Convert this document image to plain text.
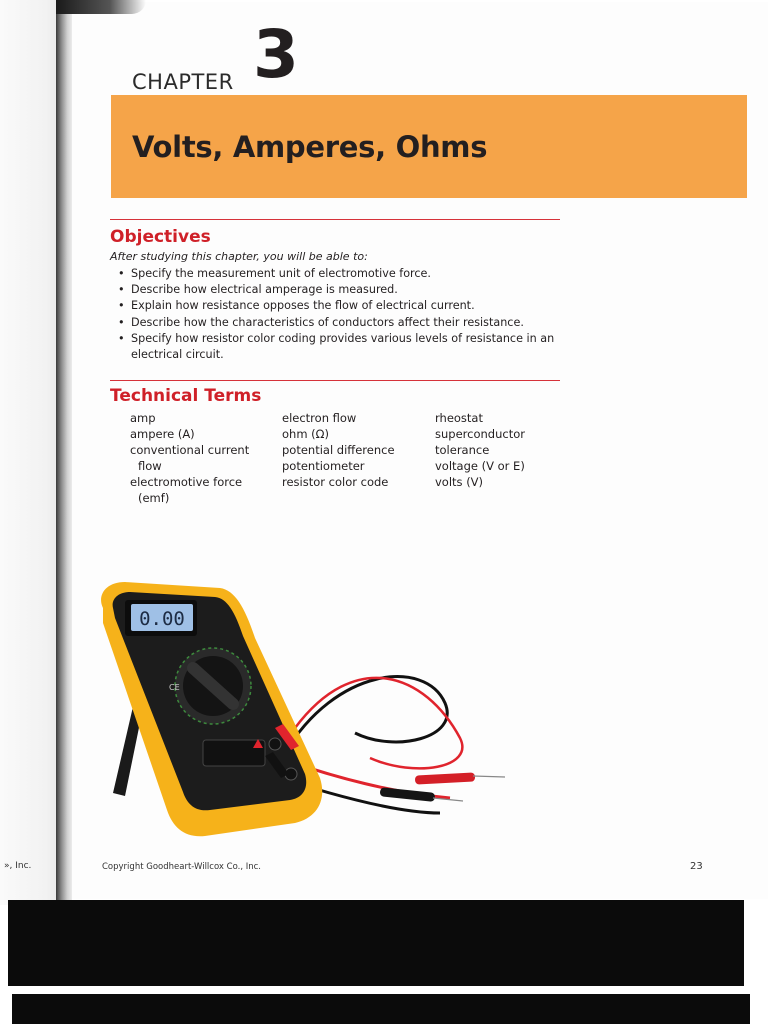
», Inc.
CHAPTER 3
Volts, Amperes, Ohms
Objectives
After studying this chapter, you will be able to:
• Specify the measurement unit of electromotive force.
• Describe how electrical amperage is measured.
• Explain how resistance opposes the flow of electrical current.
• Describe how the characteristics of conductors affect their resistance.
• Specify how resistor color coding provides various levels of resistance in an electrical circuit.
Technical Terms
amp
ampere (A)
conventional current
flow
electromotive force
(emf)
electron flow
ohm (Ω)
potential difference
potentiometer
resistor color code
rheostat
superconductor
tolerance
voltage (V or E)
volts (V)
0.00
CE
Copyright Goodheart-Willcox Co., Inc.	23
